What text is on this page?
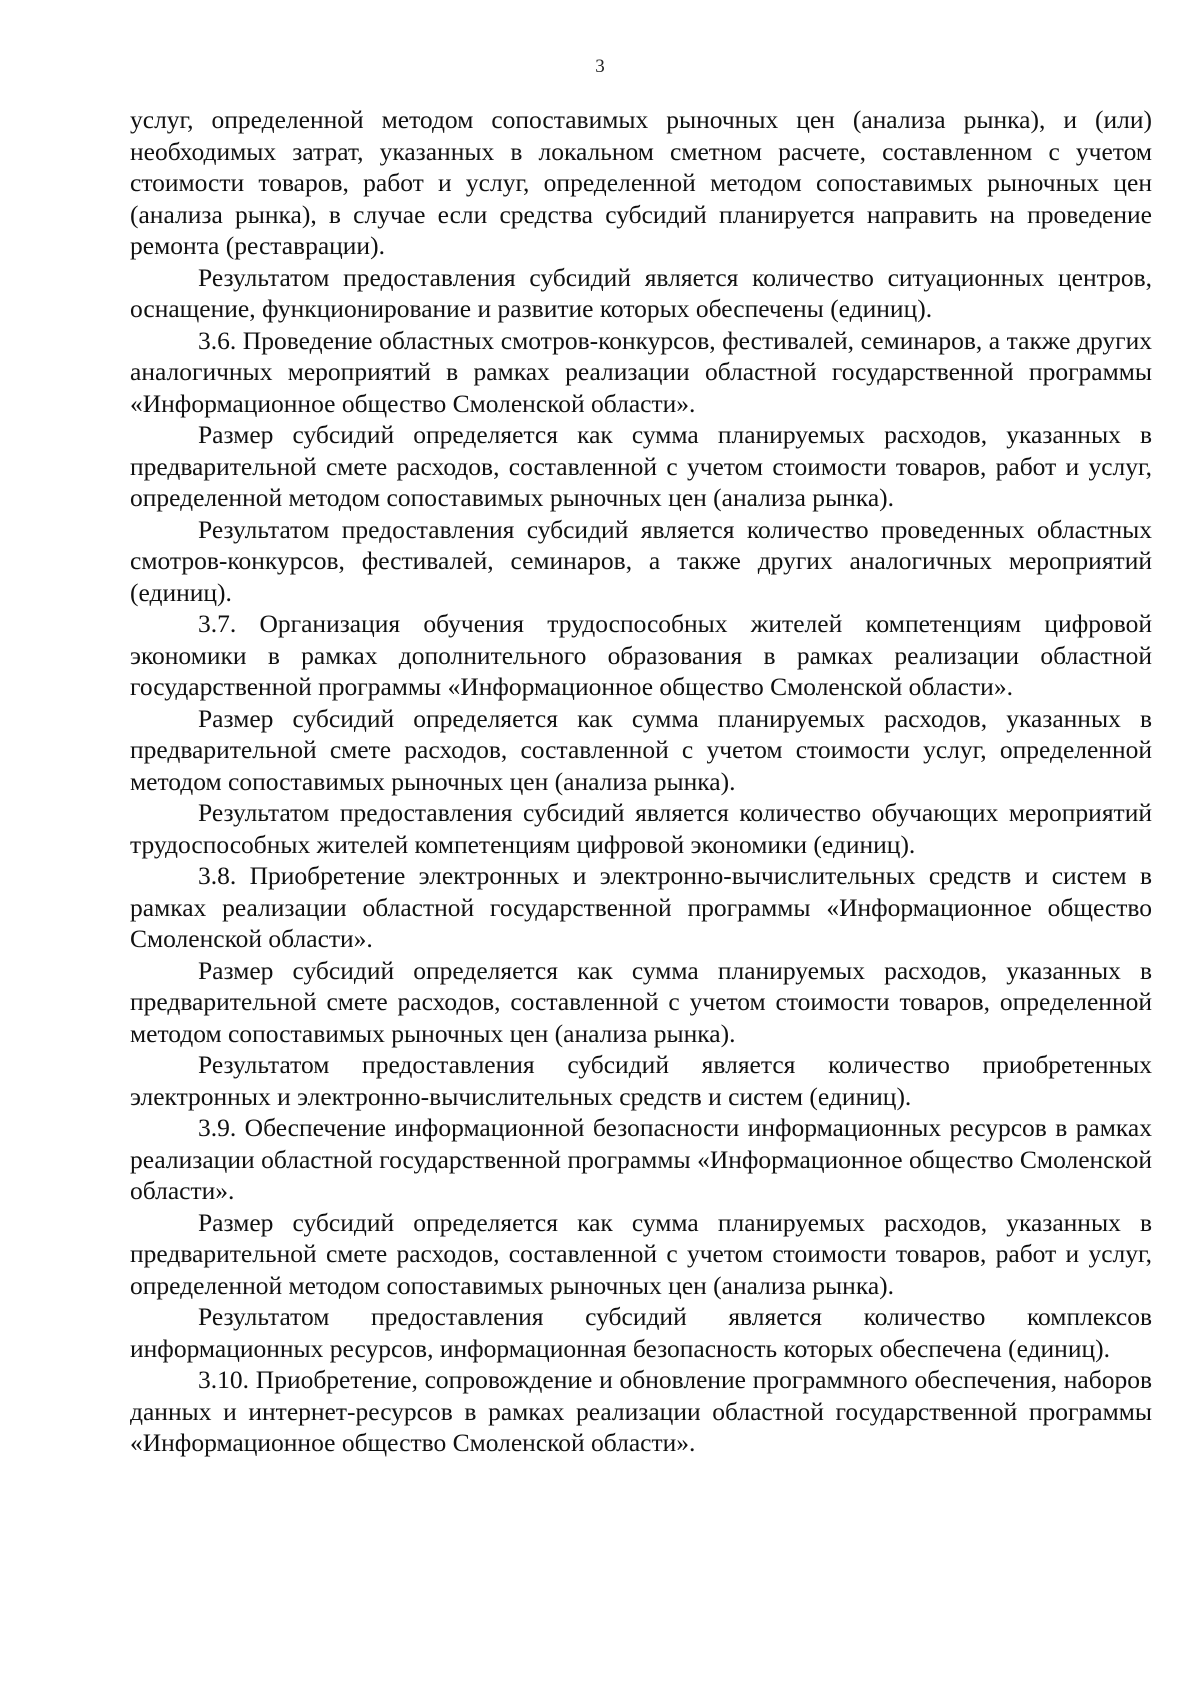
3

услуг, определенной методом сопоставимых рыночных цен (анализа рынка), и (или) необходимых затрат, указанных в локальном сметном расчете, составленном с учетом стоимости товаров, работ и услуг, определенной методом сопоставимых рыночных цен (анализа рынка), в случае если средства субсидий планируется направить на проведение ремонта (реставрации).

Результатом предоставления субсидий является количество ситуационных центров, оснащение, функционирование и развитие которых обеспечены (единиц).

3.6. Проведение областных смотров-конкурсов, фестивалей, семинаров, а также других аналогичных мероприятий в рамках реализации областной государственной программы «Информационное общество Смоленской области».

Размер субсидий определяется как сумма планируемых расходов, указанных в предварительной смете расходов, составленной с учетом стоимости товаров, работ и услуг, определенной методом сопоставимых рыночных цен (анализа рынка).

Результатом предоставления субсидий является количество проведенных областных смотров-конкурсов, фестивалей, семинаров, а также других аналогичных мероприятий (единиц).

3.7. Организация обучения трудоспособных жителей компетенциям цифровой экономики в рамках дополнительного образования в рамках реализации областной государственной программы «Информационное общество Смоленской области».

Размер субсидий определяется как сумма планируемых расходов, указанных в предварительной смете расходов, составленной с учетом стоимости услуг, определенной методом сопоставимых рыночных цен (анализа рынка).

Результатом предоставления субсидий является количество обучающих мероприятий трудоспособных жителей компетенциям цифровой экономики (единиц).

3.8. Приобретение электронных и электронно-вычислительных средств и систем в рамках реализации областной государственной программы «Информационное общество Смоленской области».

Размер субсидий определяется как сумма планируемых расходов, указанных в предварительной смете расходов, составленной с учетом стоимости товаров, определенной методом сопоставимых рыночных цен (анализа рынка).

Результатом предоставления субсидий является количество приобретенных электронных и электронно-вычислительных средств и систем (единиц).

3.9. Обеспечение информационной безопасности информационных ресурсов в рамках реализации областной государственной программы «Информационное общество Смоленской области».

Размер субсидий определяется как сумма планируемых расходов, указанных в предварительной смете расходов, составленной с учетом стоимости товаров, работ и услуг, определенной методом сопоставимых рыночных цен (анализа рынка).

Результатом предоставления субсидий является количество комплексов информационных ресурсов, информационная безопасность которых обеспечена (единиц).

3.10. Приобретение, сопровождение и обновление программного обеспечения, наборов данных и интернет-ресурсов в рамках реализации областной государственной программы «Информационное общество Смоленской области».
